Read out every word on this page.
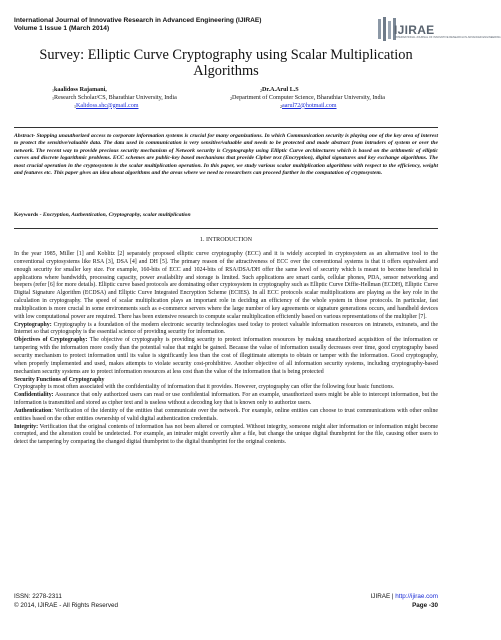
International Journal of Innovative Research in Advanced Engineering (IJIRAE)
Volume 1 Issue 1 (March 2014)	IJIRAE
INTERNATIONAL JOURNAL OF INNOVATIVE RESEARCH IN ADVANCED ENGINEERING
Survey: Elliptic Curve Cryptography using Scalar Multiplication Algorithms
$^1$kaalidoss Rajamani,
$^1$Research Scholar/CS, Bharathiar University, India
$^1$Kalidoss.shc@gmail.com
$^2$Dr.A.Arul L.S
$^2$Department of Computer Science, Bharathiar University, India
$^2$aarul72@hotmail.com
Abstract- Stopping unauthorized access to corporate information systems is crucial for many organizations. In which Communication security is playing one of the key area of interest to protect the sensitive/valuable data. The data used in communication is very sensitive/valuable and needs to be protected and made abstract from intruders of system or over the network. The recent way to provide precious security mechanism of Network security is Cryptography using Elliptic Curve architectures which is based on the arithmetic of elliptic curves and discrete logarithmic problems. ECC schemes are public-key based mechanisms that provide Cipher text (Encryption), digital signatures and key exchange algorithms. The most crucial operation in the cryptosystem is the scalar multiplication operation. In this paper, we study various scalar multiplication algorithms with respect to the efficiency, weight and features etc. This paper gives an idea about algorithms and the areas where we need to researchers can proceed further in the computation of cryptosystem.
Keywords - Encryption, Authentication, Cryptography, scalar multiplication
1. INTRODUCTION

In the year 1985, Miller [1] and Koblitz [2] separately proposed elliptic curve cryptography (ECC) and it is widely accepted in cryptosystem as an alternative tool to the conventional cryptosystems like RSA [3], DSA [4] and DH [5]. The primary reason of the attractiveness of ECC over the conventional systems is that it offers equivalent and enough security for smaller key size. For example, 160-bits of ECC and 1024-bits of RSA/DSA/DH offer the same level of security which is meant to become beneficial in applications where bandwidth, processing capacity, power availability and storage is limited. Such applications are smart cards, cellular phones, PDA, sensor networking and beepers (refer [6] for more details). Elliptic curve based protocols are dominating other cryptosystem in cryptography such as Elliptic Curve Diffie-Hellman (ECDH), Elliptic Curve Digital Signature Algorithm (ECDSA) and Elliptic Curve Integrated Encryption Scheme (ECIES). In all ECC protocols scalar multiplications are playing as the key role in the calculation in cryptography. The speed of scalar multiplication plays an important role in deciding an efficiency of the whole system in those protocols. In particular, fast multiplication is more crucial in some environments such as e-commerce servers where the large number of key agreements or signature generations occurs, and handheld devices with low computational power are required. There has been extensive research to compute scalar multiplication efficiently based on various representations of the multiplier [7].

Cryptography: Cryptography is a foundation of the modern electronic security technologies used today to protect valuable information resources on intranets, extranets, and the Internet so that cryptography is the essential science of providing security for information.

Objectives of Cryptography: The objective of cryptography is providing security to protect information resources by making unauthorized acquisition of the information or tampering with the information more costly than the potential value that might be gained. Because the value of information usually decreases over time, good cryptography based security mechanism to protect information until its value is significantly less than the cost of illegitimate attempts to obtain or tamper with the information. Good cryptography, when properly implemented and used, makes attempts to violate security cost-prohibitive. Another objective of all information security systems, including cryptography-based mechanism security systems are to protect information resources at less cost than the value of the information that is being protected

Security Functions of Cryptography

Cryptography is most often associated with the confidentiality of information that it provides. However, cryptography can offer the following four basic functions.

Confidentiality: Assurance that only authorized users can read or use confidential information. For an example, unauthorized users might be able to intercept information, but the information is transmitted and stored as cipher text and is useless without a decoding key that is known only to authorize users.

Authentication: Verification of the identity of the entities that communicate over the network. For example, online entities can choose to trust communications with other online entities based on the other entities ownership of valid digital authentication credentials.

Integrity: Verification that the original contents of information has not been altered or corrupted. Without integrity, someone might alter information or information might become corrupted, and the alteration could be undetected. For example, an intruder might covertly alter a file, but change the unique digital thumbprint for the file, causing other users to detect the tampering by comparing the changed digital thumbprint to the digital thumbprint for the original contents.

ISSN: 2278-2311
© 2014, IJIRAE - All Rights Reserved
IJIRAE | http://ijirae.com
Page -30
